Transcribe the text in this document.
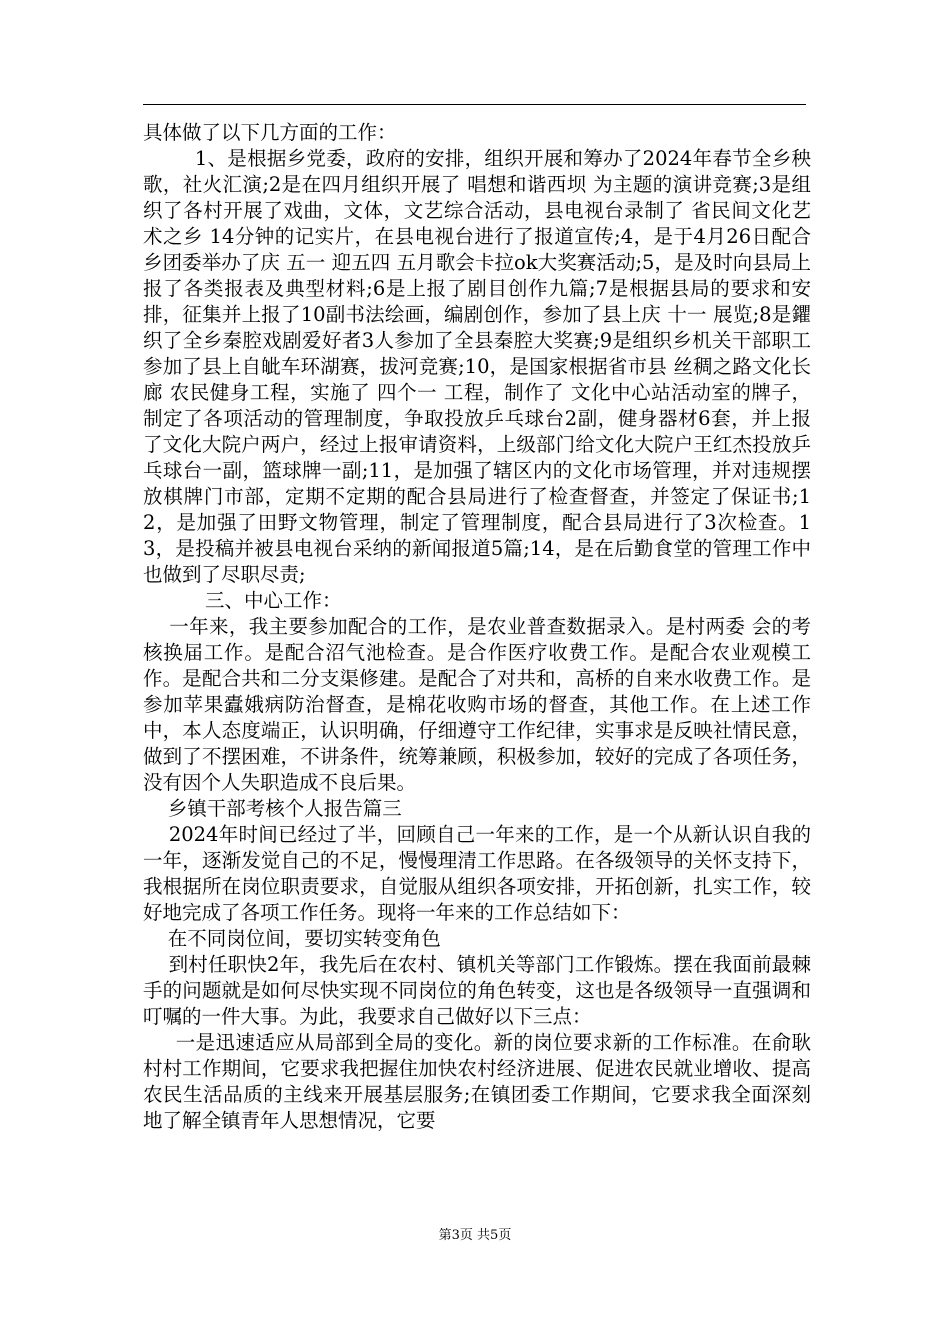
具体做了以下几方面的工作：

1、是根据乡党委，政府的安排，组织开展和筹办了2024年春节全乡秧歌，社火汇演;2是在四月组织开展了 唱想和谐西坝 为主题的演讲竞赛;3是组织了各村开展了戏曲，文体，文艺综合活动，县电视台录制了 省民间文化艺术之乡 14分钟的记实片，在县电视台进行了报道宣传;4，是于4月26日配合乡团委举办了庆 五一 迎五四 五月歌会卡拉ok大奖赛活动;5，是及时向县局上报了各类报表及典型材料;6是上报了剧目创作九篇;7是根据县局的要求和安排，征集并上报了10副书法绘画，编剧创作，参加了县上庆 十一 展览;8是鑺织了全乡秦腔戏剧爱好者3人参加了全县秦腔大奖赛;9是组织乡机关干部职工参加了县上自皉车环湖赛，拔河竞赛;10，是国家根据省市县 丝稠之路文化长廊 农民健身工程，实施了 四个一 工程，制作了 文化中心站活动室的牌子，制定了各项活动的管理制度，争取投放乒乓球台2副，健身器材6套，并上报了文化大院户两户，经过上报审请资料，上级部门给文化大院户王红杰投放乒乓球台一副，篮球牌一副;11，是加强了辖区内的文化市场管理，并对违规摆放棋牌门市部，定期不定期的配合县局进行了检查督查，并签定了保证书;12，是加强了田野文物管理，制定了管理制度，配合县局进行了3次检查。13，是投稿并被县电视台采纳的新闻报道5篇;14，是在后勤食堂的管理工作中也做到了尽职尽责;

三、中心工作：

一年来，我主要参加配合的工作，是农业普查数据录入。是村两委 会的考核换届工作。是配合沼气池检查。是合作医疗收费工作。是配合农业观模工作。是配合共和二分支渠修建。是配合了对共和，高桥的自来水收费工作。是参加苹果蠹娥病防治督查，是棉花收购市场的督查，其他工作。在上述工作中，本人态度端正，认识明确，仔细遵守工作纪律，实事求是反映社情民意，做到了不摆困难，不讲条件，统筹兼顾，积极参加，较好的完成了各项任务，没有因个人失职造成不良后果。

乡镇干部考核个人报告篇三

2024年时间已经过了半，回顾自己一年来的工作，是一个从新认识自我的一年，逐渐发觉自己的不足，慢慢理清工作思路。在各级领导的关怀支持下，我根据所在岗位职责要求，自觉服从组织各项安排，开拓创新，扎实工作，较好地完成了各项工作任务。现将一年来的工作总结如下：

在不同岗位间，要切实转变角色

到村任职快2年，我先后在农村、镇机关等部门工作锻炼。摆在我面前最棘手的问题就是如何尽快实现不同岗位的角色转变，这也是各级领导一直强调和叮嘱的一件大事。为此，我要求自己做好以下三点：

一是迅速适应从局部到全局的变化。新的岗位要求新的工作标准。在俞耿村村工作期间，它要求我把握住加快农村经济进展、促进农民就业增收、提高农民生活品质的主线来开展基层服务;在镇团委工作期间，它要求我全面深刻地了解全镇青年人思想情况，它要

第3页 共5页
